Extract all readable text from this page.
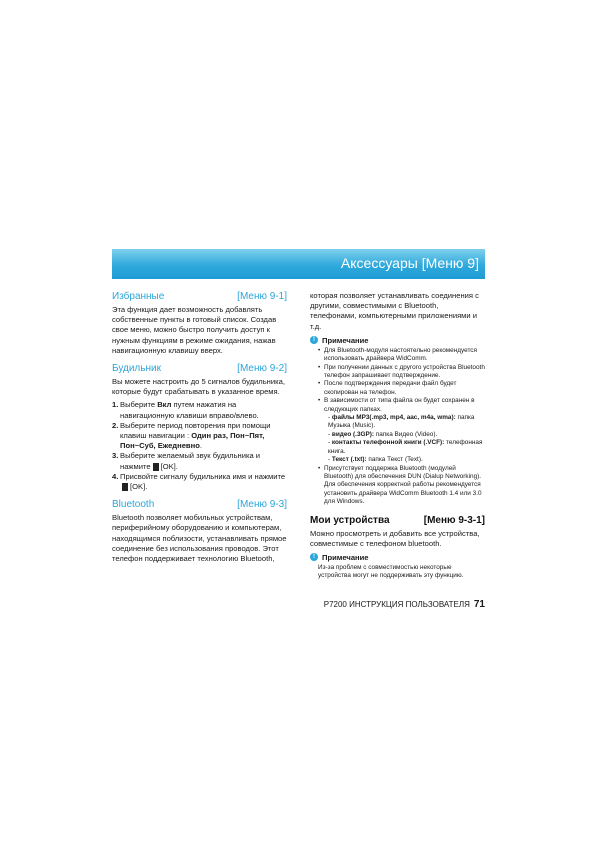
Аксессуары [Меню 9]
Избранные	[Меню 9-1]

Эта функция дает возможность добавлять собственные пункты в готовый список. Создав свое меню, можно быстро получить доступ к нужным функциям в режиме ожидания, нажав навигационную клавишу вверх.

Будильник	[Меню 9-2]

Вы можете настроить до 5 сигналов будильника, которые будут срабатывать в указанное время.

1. Выберите Вкл путем нажатия на навигационную клавиши вправо/влево.
2. Выберите период повторения при помощи клавиш навигации : Один раз, Пон~Пят, Пон~Суб, Ежедневно.
3. Выберите желаемый звук будильника и нажмите [OK].
4. Присвойте сигналу будильника имя и нажмите[OK].
Bluetooth	[Меню 9-3]

Bluetooth позволяет мобильных устройствам, периферийному оборудованию и компьютерам, находящимся поблизости, устанавливать прямое соединение без использования проводов. Этот телефон поддерживает технологию Bluetooth,

которая позволяет устанавливать соединения с другими, совместимыми с Bluetooth, телефонами, компьютерными приложениями и т.д.

! Примечание
• Для Bluetooth-модуля настоятельно рекомендуется использовать драйвера WidComm.
• При получении данных с другого устройства Bluetooth телефон запрашивает подтверждение.
• После подтверждения передачи файл будет скопирован на телефон.
• В зависимости от типа файла он будет сохранен в следующих папках.
- файлы MP3(.mp3, mp4, aac, m4a, wma): папка Музыка (Music).
- видео (.3GP): папка Видео (Video).
- контакты телефонной книги (.VCF): телефонная книга.
- Текст (.txt): папка Текст (Text).
• Присутствует поддержка Bluetooth (модулей Bluetooth) для обеспечения DUN (Dialup Networking). Для обеспечения корректной работы рекомендуется установить драйвера WidComm Bluetooth 1.4 или 3.0 для Windows.
Мои устройства	[Меню 9-3-1]

Можно просмотреть и добавить все устройства, совместимые с телефоном bluetooth.

! Примечание

Из-за проблем с совместимостью некоторые устройства могут не поддерживать эту функцию.

P7200 ИНСТРУКЦИЯ ПОЛЬЗОВАТЕЛЯ 71
